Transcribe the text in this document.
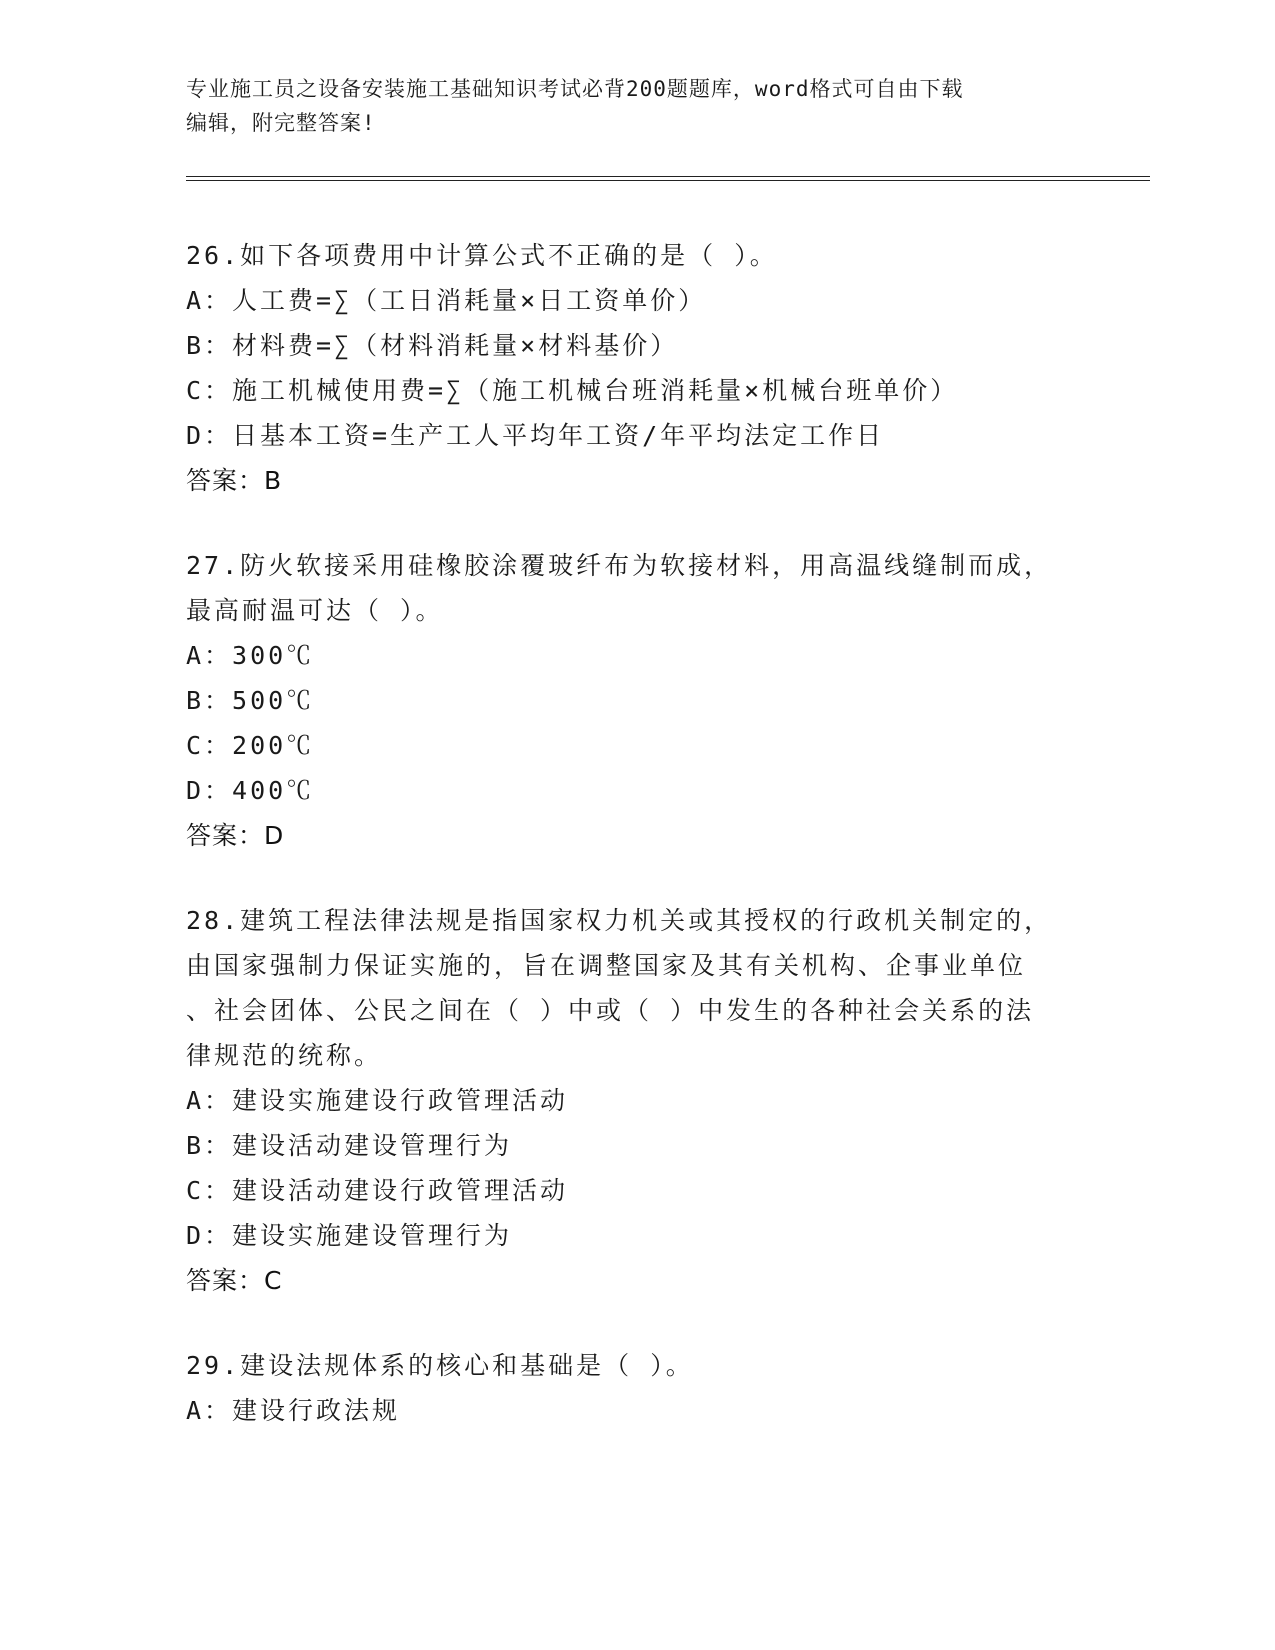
专业施工员之设备安装施工基础知识考试必背200题题库，word格式可自由下载
编辑，附完整答案!
26.如下各项费用中计算公式不正确的是（ ）。
A：人工费=∑（工日消耗量×日工资单价）
B：材料费=∑（材料消耗量×材料基价）
C：施工机械使用费=∑（施工机械台班消耗量×机械台班单价）
D：日基本工资=生产工人平均年工资/年平均法定工作日
答案：B
27.防火软接采用硅橡胶涂覆玻纤布为软接材料，用高温线缝制而成，
最高耐温可达（ ）。
A：300℃
B：500℃
C：200℃
D：400℃
答案：D
28.建筑工程法律法规是指国家权力机关或其授权的行政机关制定的，
由国家强制力保证实施的，旨在调整国家及其有关机构、企事业单位
、社会团体、公民之间在（ ）中或（ ）中发生的各种社会关系的法
律规范的统称。
A：建设实施建设行政管理活动
B：建设活动建设管理行为
C：建设活动建设行政管理活动
D：建设实施建设管理行为
答案：C
29.建设法规体系的核心和基础是（ ）。
A：建设行政法规
